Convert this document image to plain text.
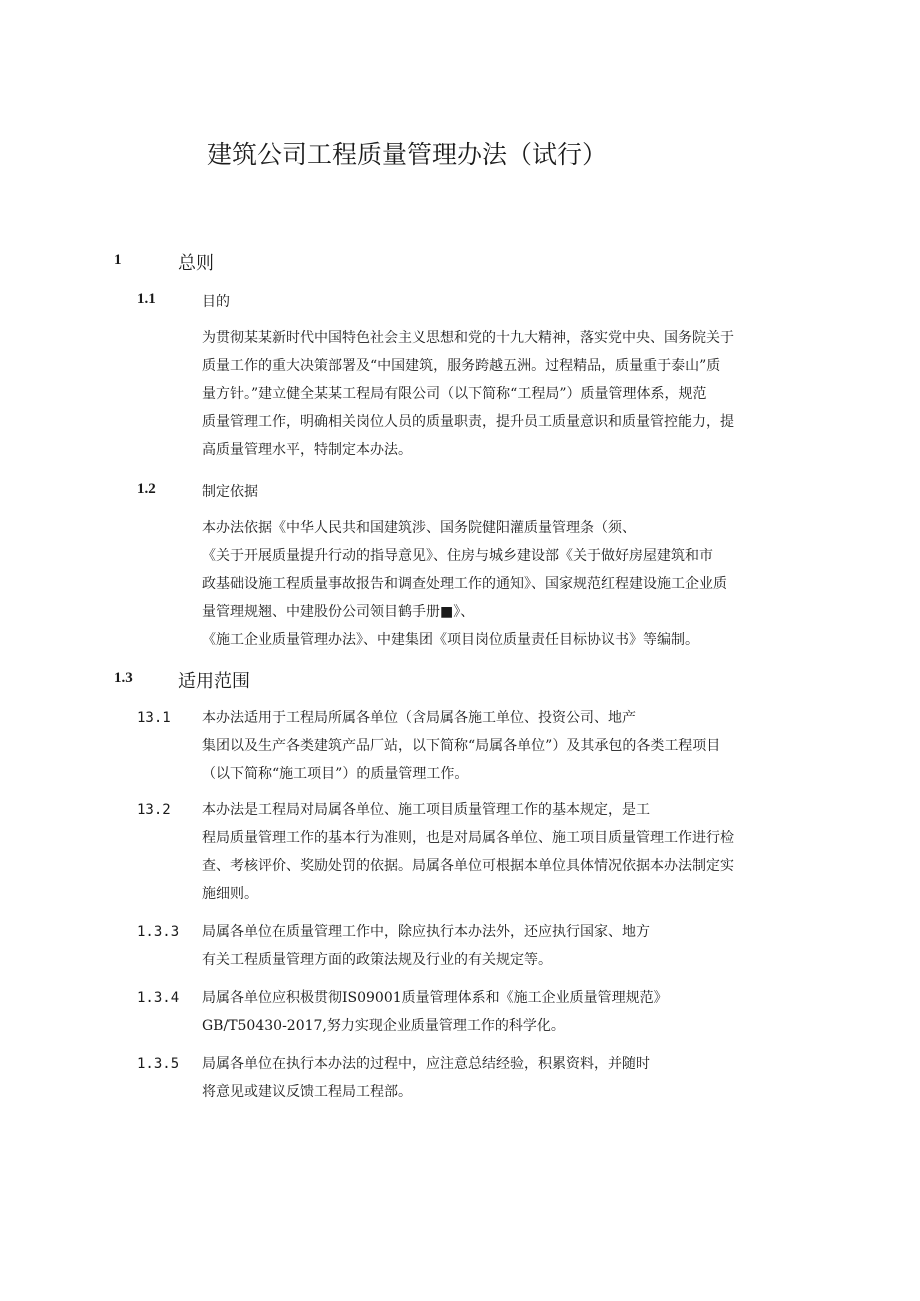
建筑公司工程质量管理办法（试行）
1	总则
1.1	目的
为贯彻某某新时代中国特色社会主义思想和党的十九大精神，落实党中央、国务院关于
质量工作的重大决策部署及“中国建筑，服务跨越五洲。过程精品，质量重于泰山”质
量方针。”建立健全某某工程局有限公司（以下简称“工程局”）质量管理体系，规范
质量管理工作，明确相关岗位人员的质量职责，提升员工质量意识和质量管控能力，提
高质量管理水平，特制定本办法。
1.2	制定依据
本办法依据《中华人民共和国建筑涉、国务院健阳灌质量管理条（须、
《关于开展质量提升行动的指导意见》、住房与城乡建设部《关于做好房屋建筑和市
政基础设施工程质量事故报告和调查处理工作的通知》、国家规范红程建设施工企业质
量管理规翘、中建股份公司领目鹤手册■》、
《施工企业质量管理办法》、中建集团《项目岗位质量责任目标协议书》等编制。
1.3	适用范围
13.1 本办法适用于工程局所属各单位（含局属各施工单位、投资公司、地产
集团以及生产各类建筑产品厂站，以下简称“局属各单位”）及其承包的各类工程项目
（以下简称“施工项目”）的质量管理工作。
13.2 本办法是工程局对局属各单位、施工项目质量管理工作的基本规定，是工
程局质量管理工作的基本行为准则，也是对局属各单位、施工项目质量管理工作进行检
查、考核评价、奖励处罚的依据。局属各单位可根据本单位具体情况依据本办法制定实
施细则。
1.3.3 局属各单位在质量管理工作中，除应执行本办法外，还应执行国家、地方
有关工程质量管理方面的政策法规及行业的有关规定等。
1.3.4 局属各单位应积极贯彻IS09001质量管理体系和《施工企业质量管理规范》
GB/T50430-2017,努力实现企业质量管理工作的科学化。
1.3.5 局属各单位在执行本办法的过程中，应注意总结经验，积累资料，并随时
将意见或建议反馈工程局工程部。
